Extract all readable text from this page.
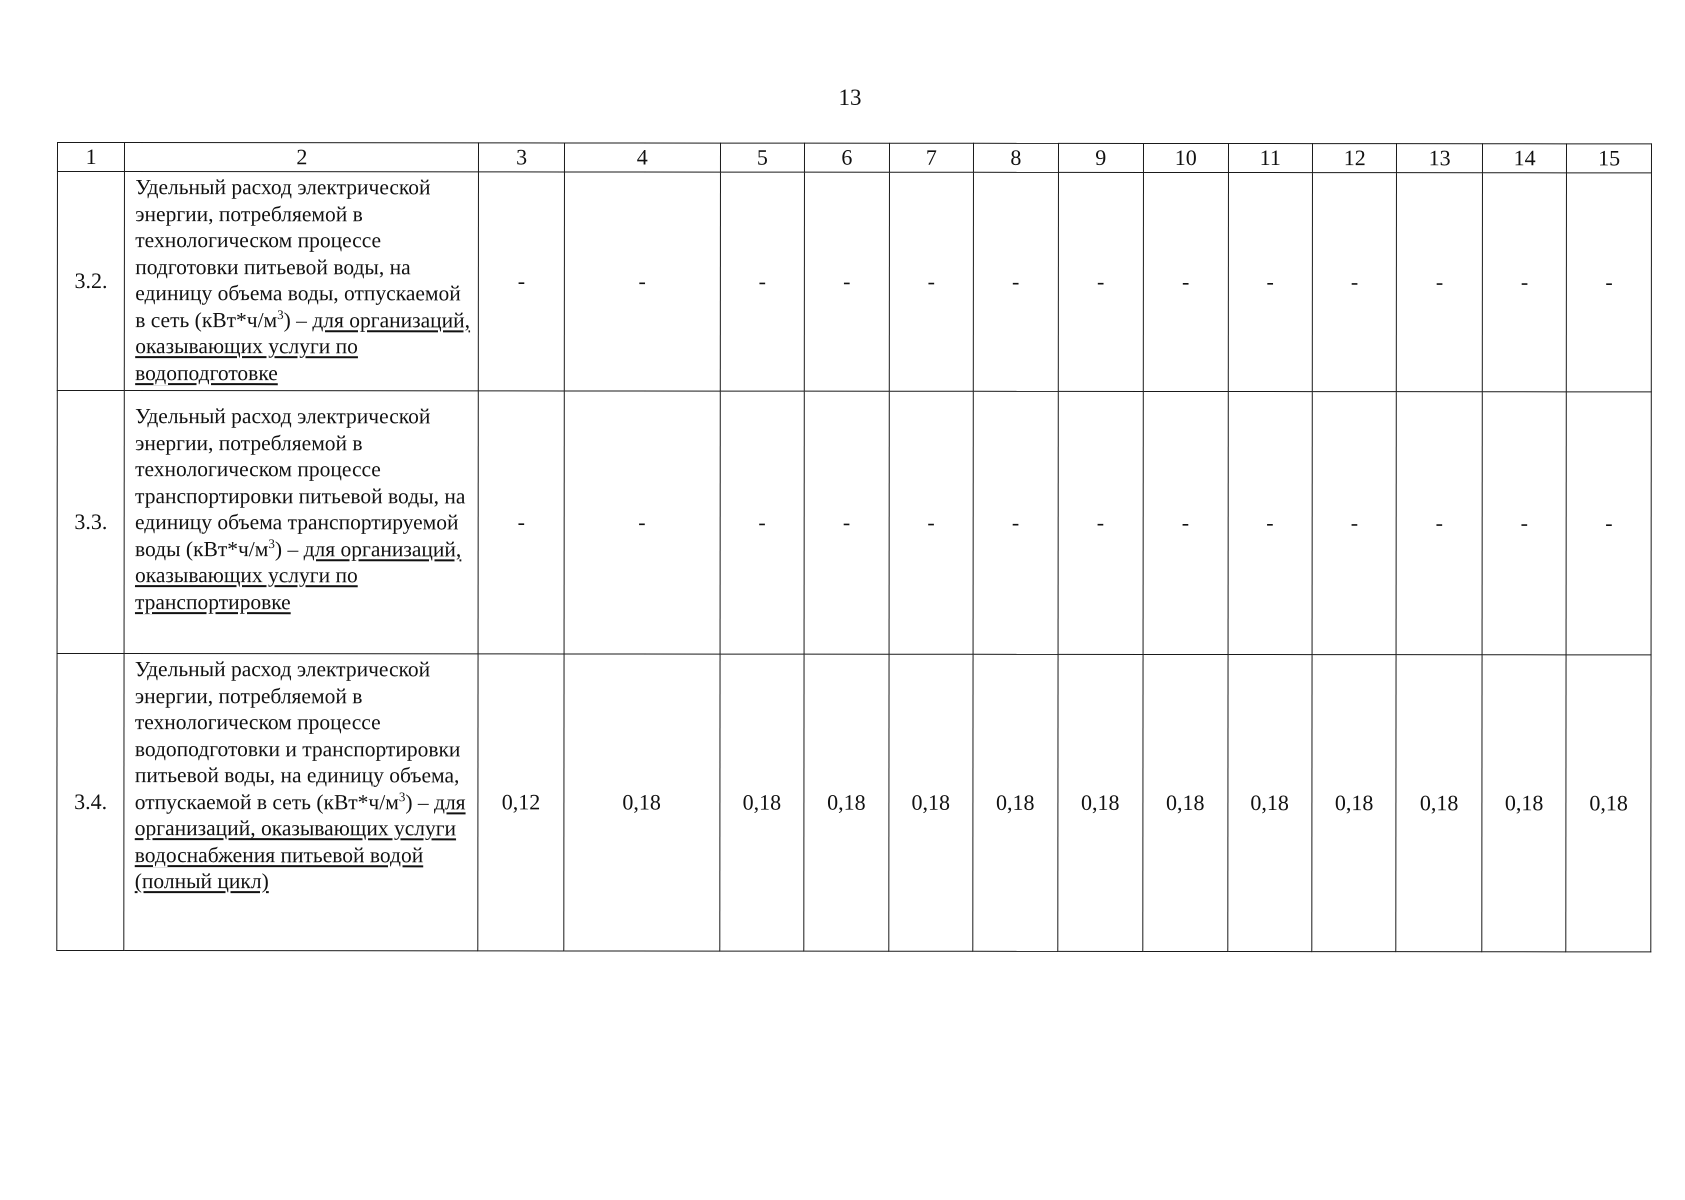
13
1	2	3	4	5	6	7	8	9	10	11	12	13	14	15
3.2.	Удельный расход электрической энергии, потребляемой в технологическом процессе подготовки питьевой воды, на единицу объема воды, отпускаемой в сеть $(кВт*ч/м^3)$ – для организаций, оказывающих услуги по водоподготовке	-	-	-	-	-	-	-	-	-	-	-	-	-
3.3.	Удельный расход электрической энергии, потребляемой в технологическом процессе транспортировки питьевой воды, на единицу объема транспортируемой воды $(кВт*ч/м^3)$ – для организаций, оказывающих услуги по транспортировке	-	-	-	-	-	-	-	-	-	-	-	-	-
3.4.	Удельный расход электрической энергии, потребляемой в технологическом процессе водоподготовки и транспортировки питьевой воды, на единицу объема, отпускаемой в сеть $(кВт*ч/м^3)$ – для организаций, оказывающих услуги водоснабжения питьевой водой (полный цикл)	0,12	0,18	0,18	0,18	0,18	0,18	0,18	0,18	0,18	0,18	0,18	0,18	0,18
